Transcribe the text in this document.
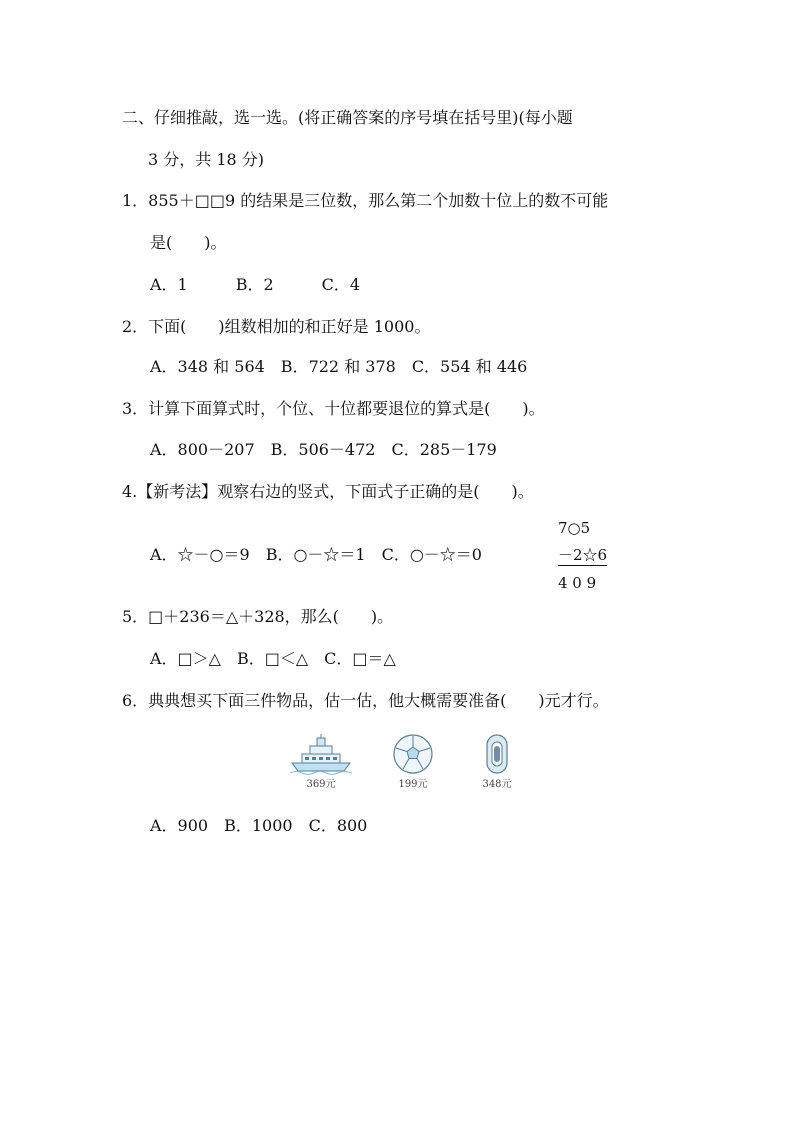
二、仔细推敲，选一选。(将正确答案的序号填在括号里)(每小题
3 分，共 18 分)
1．855＋□□9 的结果是三位数，那么第二个加数十位上的数不可能
是(　　)。
A．1　　　B．2　　　C．4
2．下面(　　)组数相加的和正好是 1000。
A．348 和 564　B．722 和 378　C．554 和 446
3．计算下面算式时，个位、十位都要退位的算式是(　　)。
A．800－207　B．506－472　C．285－179
4.【新考法】观察右边的竖式，下面式子正确的是(　　)。
A．☆－○＝9　B．○－☆＝1　C．○－☆＝0
7○5
－2☆6
4 0 9
5．□＋236＝△＋328，那么(　　)。
A．□＞△　B．□＜△　C．□＝△
6．典典想买下面三件物品，估一估，他大概需要准备(　　)元才行。
369元	199元	348元
A．900　B．1000　C．800
